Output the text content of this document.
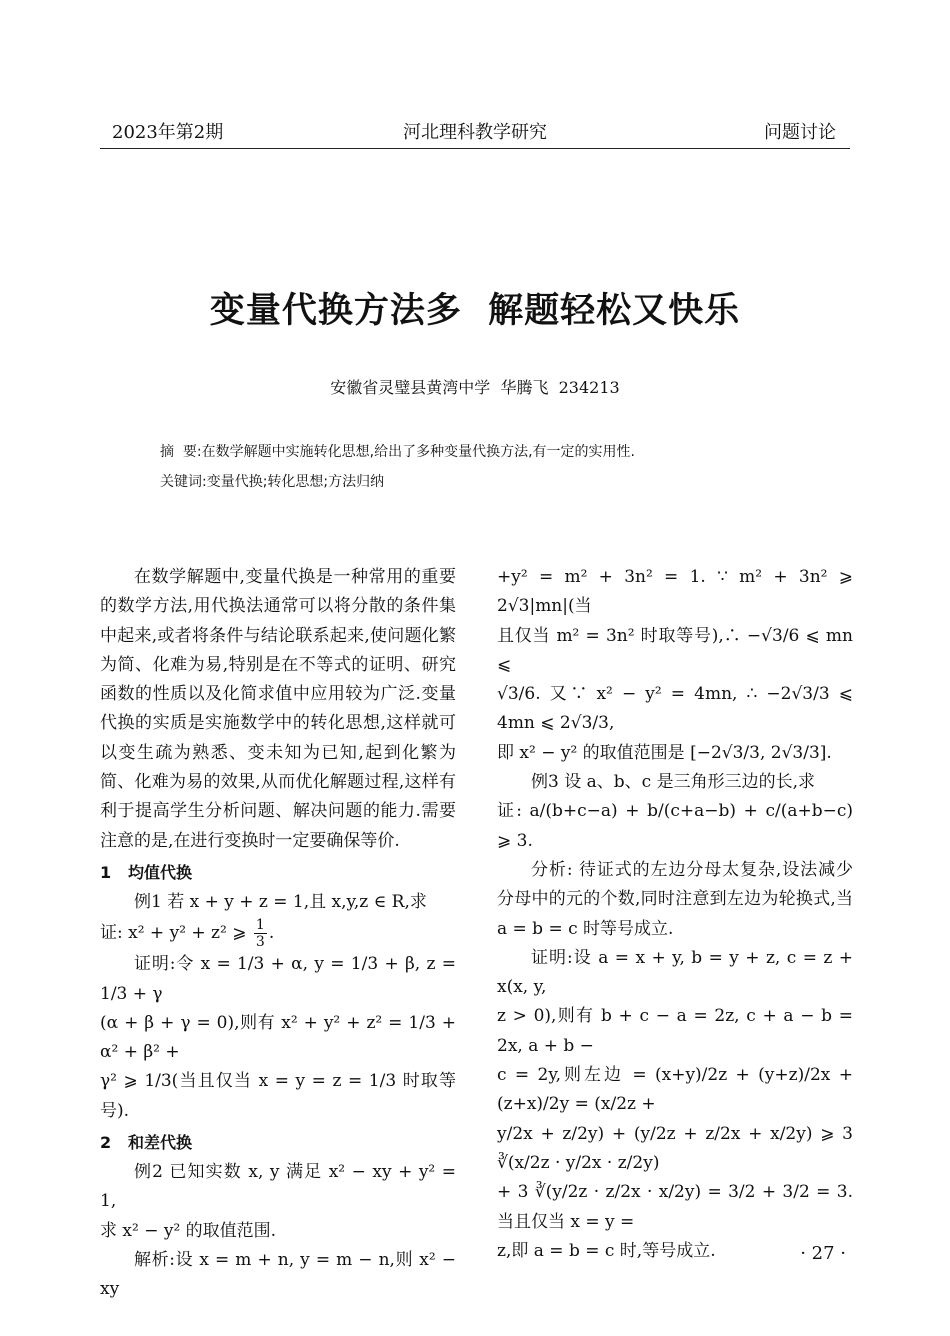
2023年第2期	河北理科教学研究	问题讨论
变量代换方法多  解题轻松又快乐
安徽省灵璧县黄湾中学  华腾飞  234213
摘  要:在数学解题中实施转化思想,给出了多种变量代换方法,有一定的实用性.
关键词:变量代换;转化思想;方法归纳

在数学解题中,变量代换是一种常用的重要的数学方法,用代换法通常可以将分散的条件集中起来,或者将条件与结论联系起来,使问题化繁为简、化难为易,特别是在不等式的证明、研究函数的性质以及化简求值中应用较为广泛.变量代换的实质是实施数学中的转化思想,这样就可以变生疏为熟悉、变未知为已知,起到化繁为简、化难为易的效果,从而优化解题过程,这样有利于提高学生分析问题、解决问题的能力.需要注意的是,在进行变换时一定要确保等价.

1 均值代换

例1 若 x + y + z = 1,且 x,y,z ∈ R,求

证: x² + y² + z² ⩾ $\frac{1}{3}$ .

证明:令 x = 1/3 + α, y = 1/3 + β, z = 1/3 + γ

(α + β + γ = 0),则有 x² + y² + z² = 1/3 + α² + β² +

γ² ⩾ 1/3(当且仅当 x = y = z = 1/3 时取等号).

2 和差代换

例2 已知实数 x, y 满足 x² − xy + y² = 1,

求 x² − y² 的取值范围.

解析:设 x = m + n, y = m − n,则 x² − xy

+y² = m² + 3n² = 1. ∵ m² + 3n² ⩾ 2√3|mn|(当

且仅当 m² = 3n² 时取等号),∴ −√3/6 ⩽ mn ⩽

√3/6. 又∵ x² − y² = 4mn, ∴ −2√3/3 ⩽ 4mn ⩽ 2√3/3,

即 x² − y² 的取值范围是 [−2√3/3, 2√3/3].

例3 设 a、b、c 是三角形三边的长,求

证: a/(b+c−a) + b/(c+a−b) + c/(a+b−c) ⩾ 3.

分析: 待证式的左边分母太复杂,设法减少分母中的元的个数,同时注意到左边为轮换式,当 a = b = c 时等号成立.

证明:设 a = x + y, b = y + z, c = z + x(x, y,

z > 0),则有 b + c − a = 2z, c + a − b = 2x, a + b −

c = 2y,则左边 = (x+y)/2z + (y+z)/2x + (z+x)/2y = (x/2z +

y/2x + z/2y) + (y/2z + z/2x + x/2y) ⩾ 3 ∛(x/2z · y/2x · z/2y)

+ 3 ∛(y/2z · z/2x · x/2y) = 3/2 + 3/2 = 3. 当且仅当 x = y =

z,即 a = b = c 时,等号成立.	· 27 ·
